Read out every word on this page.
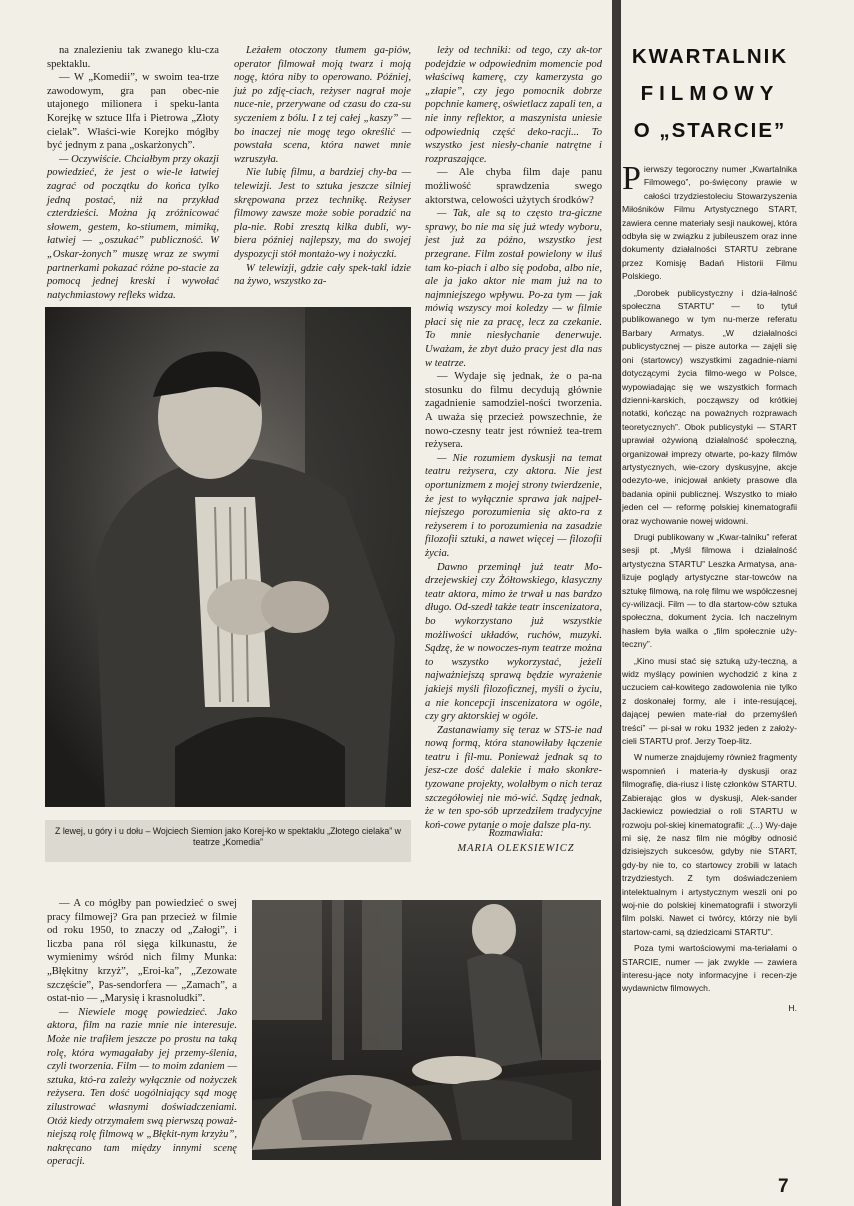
na znalezieniu tak zwanego klu-cza spektaklu.

— W „Komedii”, w swoim tea-trze zawodowym, gra pan obec-nie utajonego milionera i speku-lanta Korejkę w sztuce Ilfa i Pietrowa „Złoty cielak”. Właści-wie Korejko mógłby być jednym z pana „oskarżonych”.

— Oczywiście. Chciałbym przy okazji powiedzieć, że jest o wie-le łatwiej zagrać od początku do końca tylko jedną postać, niż na przykład czterdzieści. Można ją zróżnicować słowem, gestem, ko-stiumem, mimiką, łatwiej — „oszukać” publiczność. W „Oskar-żonych” muszę wraz ze swymi partnerkami pokazać różne po-stacie za pomocą jednej kreski i wywołać natychmiastowy refleks widza.

Leżałem otoczony tłumem ga-piów, operator filmował moją twarz i moją nogę, która niby to operowano. Później, już po zdję-ciach, reżyser nagrał moje nuce-nie, przerywane od czasu do cza-su syczeniem z bólu. I z tej całej „kaszy” — bo inaczej nie mogę tego określić — powstała scena, która nawet mnie wzruszyła.

Nie lubię filmu, a bardziej chy-ba — telewizji. Jest to sztuka jeszcze silniej skrępowana przez technikę. Reżyser filmowy zawsze może sobie poradzić na pla-nie. Robi zresztą kilka dubli, wy-biera później najlepszy, ma do swojej dyspozycji stół montażo-wy i nożyczki.

W telewizji, gdzie cały spek-takl idzie na żywo, wszystko za-

leży od techniki: od tego, czy ak-tor podejdzie w odpowiednim momencie pod właściwą kamerę, czy kamerzysta go „złapie”, czy jego pomocnik dobrze popchnie kamerę, oświetlacz zapali ten, a nie inny reflektor, a maszynista uniesie odpowiednią część deko-racji... To wszystko jest niesły-chanie natrętne i rozpraszające.

— Ale chyba film daje panu możliwość sprawdzenia swego aktorstwa, celowości użytych środków?

— Tak, ale są to często tra-giczne sprawy, bo nie ma się już wtedy wyboru, jest już za późno, wszystko jest przegrane. Film został powielony w iluś tam ko-piach i albo się podoba, albo nie, ale ja jako aktor nie mam już na to najmniejszego wpływu. Po-za tym — jak mówią wszyscy moi koledzy — w filmie płaci się nie za pracę, lecz za czekanie. To mnie niesłychanie denerwuje. Uważam, że zbyt dużo pracy jest dla nas w teatrze.

— Wydaje się jednak, że o pa-na stosunku do filmu decydują głównie zagadnienie samodziel-ności tworzenia. A uważa się przecież powszechnie, że nowo-czesny teatr jest również tea-trem reżysera.

— Nie rozumiem dyskusji na temat teatru reżysera, czy aktora. Nie jest oportunizmem z mojej strony twierdzenie, że jest to wyłącznie sprawa jak najpeł-niejszego porozumienia się akto-ra z reżyserem i to porozumienia na zasadzie filozofii sztuki, a nawet więcej — filozofii życia.

Dawno przeminął już teatr Mo-drzejewskiej czy Żółtowskiego, klasyczny teatr aktora, mimo że trwał u nas bardzo długo. Od-szedł także teatr inscenizatora, bo wykorzystano już wszystkie możliwości układów, ruchów, muzyki. Sądzę, że w nowoczes-nym teatrze można to wszystko wykorzystać, jeżeli najważniejszą sprawą będzie wyrażenie jakiejś myśli filozoficznej, myśli o życiu, a nie koncepcji inscenizatora w ogóle, czy gry aktorskiej w ogóle.

Zastanawiamy się teraz w STS-ie nad nową formą, która stanowiłaby łączenie teatru i fil-mu. Ponieważ jednak są to jesz-cze dość dalekie i mało skonkre-tyzowane projekty, wolałbym o nich teraz szczegółowiej nie mó-wić. Sądzę jednak, że w ten spo-sób uprzedziłem tradycyjne koń-cowe pytanie o moje dalsze pla-ny.

Rozmawiała:
MARIA OLEKSIEWICZ
Z lewej, u góry i u dołu – Wojciech Siemion jako Korej-ko w spektaklu „Złotego cielaka” w teatrze „Komedia”

— A co mógłby pan powiedzieć o swej pracy filmowej? Gra pan przecież w filmie od roku 1950, to znaczy od „Załogi”, i liczba pana ról sięga kilkunastu, że wymienimy wśród nich filmy Munka: „Błękitny krzyż”, „Eroi-ka”, „Zezowate szczęście”, Pas-sendorfera — „Zamach”, a ostat-nio — „Marysię i krasnoludki”.

— Niewiele mogę powiedzieć. Jako aktora, film na razie mnie nie interesuje. Może nie trafiłem jeszcze po prostu na taką rolę, która wymagałaby jej przemy-ślenia, czyli tworzenia. Film — to moim zdaniem — sztuka, któ-ra zależy wyłącznie od nożyczek reżysera. Ten dość uogólniający sąd mogę zilustrować własnymi doświadczeniami. Otóż kiedy otrzymałem swą pierwszą poważ-niejszą rolę filmową w „Błękit-nym krzyżu”, nakręcano tam między innymi scenę operacji.

KWARTALNIK
FILMOWY
O „STARCIE”

Pierwszy tegoroczny numer „Kwartalnika Filmowego”, po-święcony prawie w całości trzydziestoleciu Stowarzyszenia Miłośników Filmu Artystycznego START, zawiera cenne materiały sesji naukowej, która odbyła się w związku z jubileuszem oraz inne dokumenty działalności STARTU zebrane przez Komisję Badań Historii Filmu Polskiego.

„Dorobek publicystyczny i dzia-łalność społeczna STARTU” — to tytuł publikowanego w tym nu-merze referatu Barbary Armatys. „W działalności publicystycznej — pisze autorka — zajęli się oni (startowcy) wszystkimi zagadnie-niami dotyczącymi życia filmo-wego w Polsce, wypowiadając się we wszystkich formach dzienni-karskich, począwszy od krótkiej notatki, kończąc na poważnych rozprawach teoretycznych”. Obok publicystyki — START uprawiał ożywioną działalność społeczną, organizował imprezy otwarte, po-kazy filmów artystycznych, wie-czory dyskusyjne, akcje odezyto-we, inicjował ankiety prasowe dla badania opinii publicznej. Wszystko to miało jeden cel — reformę polskiej kinematografii oraz wychowanie nowej widowni.

Drugi publikowany w „Kwar-talniku” referat sesji pt. „Myśl filmowa i działalność artystyczna STARTU” Leszka Armatysa, ana-lizuje poglądy artystyczne star-towców na sztukę filmową, na rolę filmu we współczesnej cy-wilizacji. Film — to dla startow-ców sztuka społeczna, dokument życia. Ich naczelnym hasłem była walka o „film społecznie uży-teczny”.

„Kino musi stać się sztuką uży-teczną, a widz myślący powinien wychodzić z kina z uczuciem cał-kowitego zadowolenia nie tylko z doskonałej formy, ale i inte-resującej, dającej pewien mate-riał do przemyśleń treści” — pi-sał w roku 1932 jeden z założy-cieli STARTU prof. Jerzy Toep-litz.

W numerze znajdujemy również fragmenty wspomnień i materia-ły dyskusji oraz filmografię, dia-riusz i listę członków STARTU. Zabierając głos w dyskusji, Alek-sander Jackiewicz powiedział o roli STARTU w rozwoju pol-skiej kinematografii: „(...) Wy-daje mi się, że nasz film nie mógłby odnosić dzisiejszych sukcesów, gdyby nie START, gdy-by nie to, co startowcy zrobili w latach trzydziestych. Z tym doświadczeniem intelektualnym i artystycznym weszli oni po woj-nie do polskiej kinematografii i stworzyli film polski. Nawet ci twórcy, którzy nie byli startow-cami, są dziedzicami STARTU”.

Poza tymi wartościowymi ma-teriałami o STARCIE, numer — jak zwykle — zawiera interesu-jące noty informacyjne i recen-zje wydawnictw filmowych.

H.
7
